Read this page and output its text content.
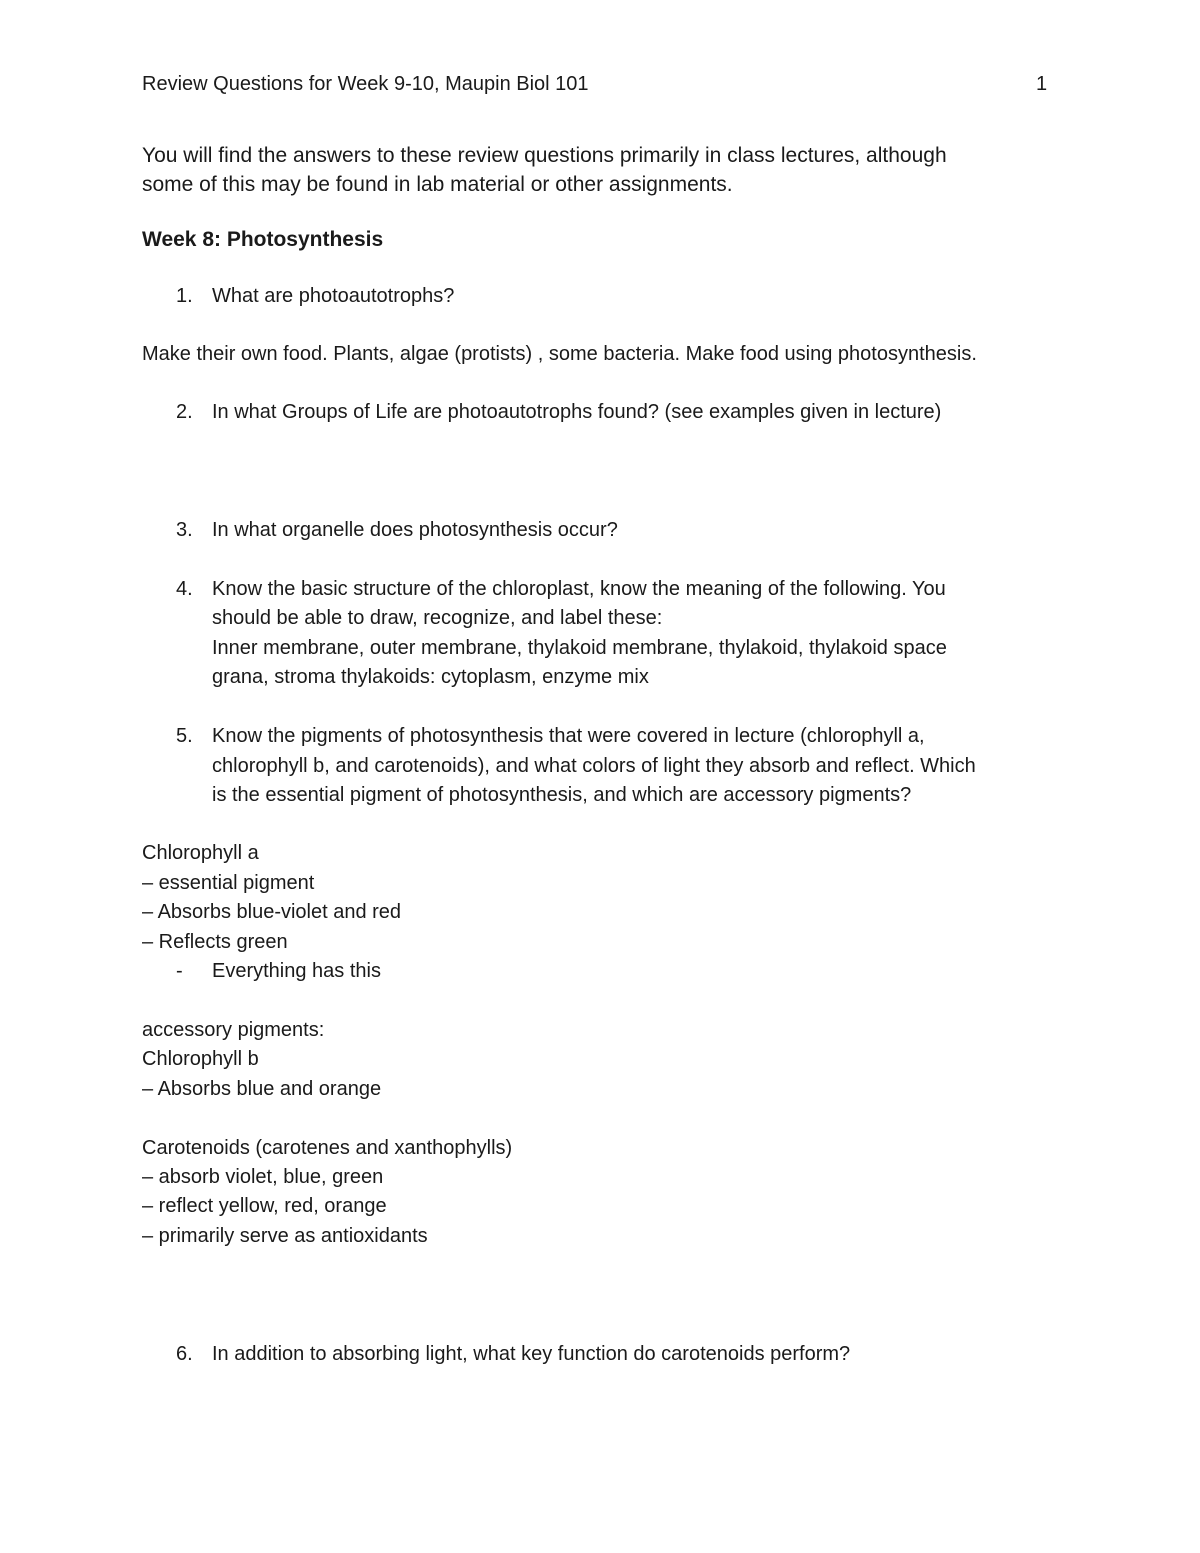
Review Questions for Week 9-10, Maupin Biol 101	1
You will find the answers to these review questions primarily in class lectures, although
some of this may be found in lab material or other assignments.
Week 8: Photosynthesis
1. What are photoautotrophs?
Make their own food. Plants, algae (protists) , some bacteria. Make food using photosynthesis.
2. In what Groups of Life are photoautotrophs found? (see examples given in lecture)
3. In what organelle does photosynthesis occur?
4. Know the basic structure of the chloroplast, know the meaning of the following. You
should be able to draw, recognize, and label these:
Inner membrane, outer membrane, thylakoid membrane, thylakoid, thylakoid space
grana, stroma thylakoids: cytoplasm, enzyme mix
5. Know the pigments of photosynthesis that were covered in lecture (chlorophyll a,
chlorophyll b, and carotenoids), and what colors of light they absorb and reflect. Which
is the essential pigment of photosynthesis, and which are accessory pigments?
Chlorophyll a
– essential pigment
– Absorbs blue-violet and red
– Reflects green
- Everything has this
accessory pigments:
Chlorophyll b
– Absorbs blue and orange
Carotenoids (carotenes and xanthophylls)
– absorb violet, blue, green
– reflect yellow, red, orange
– primarily serve as antioxidants
6. In addition to absorbing light, what key function do carotenoids perform?
